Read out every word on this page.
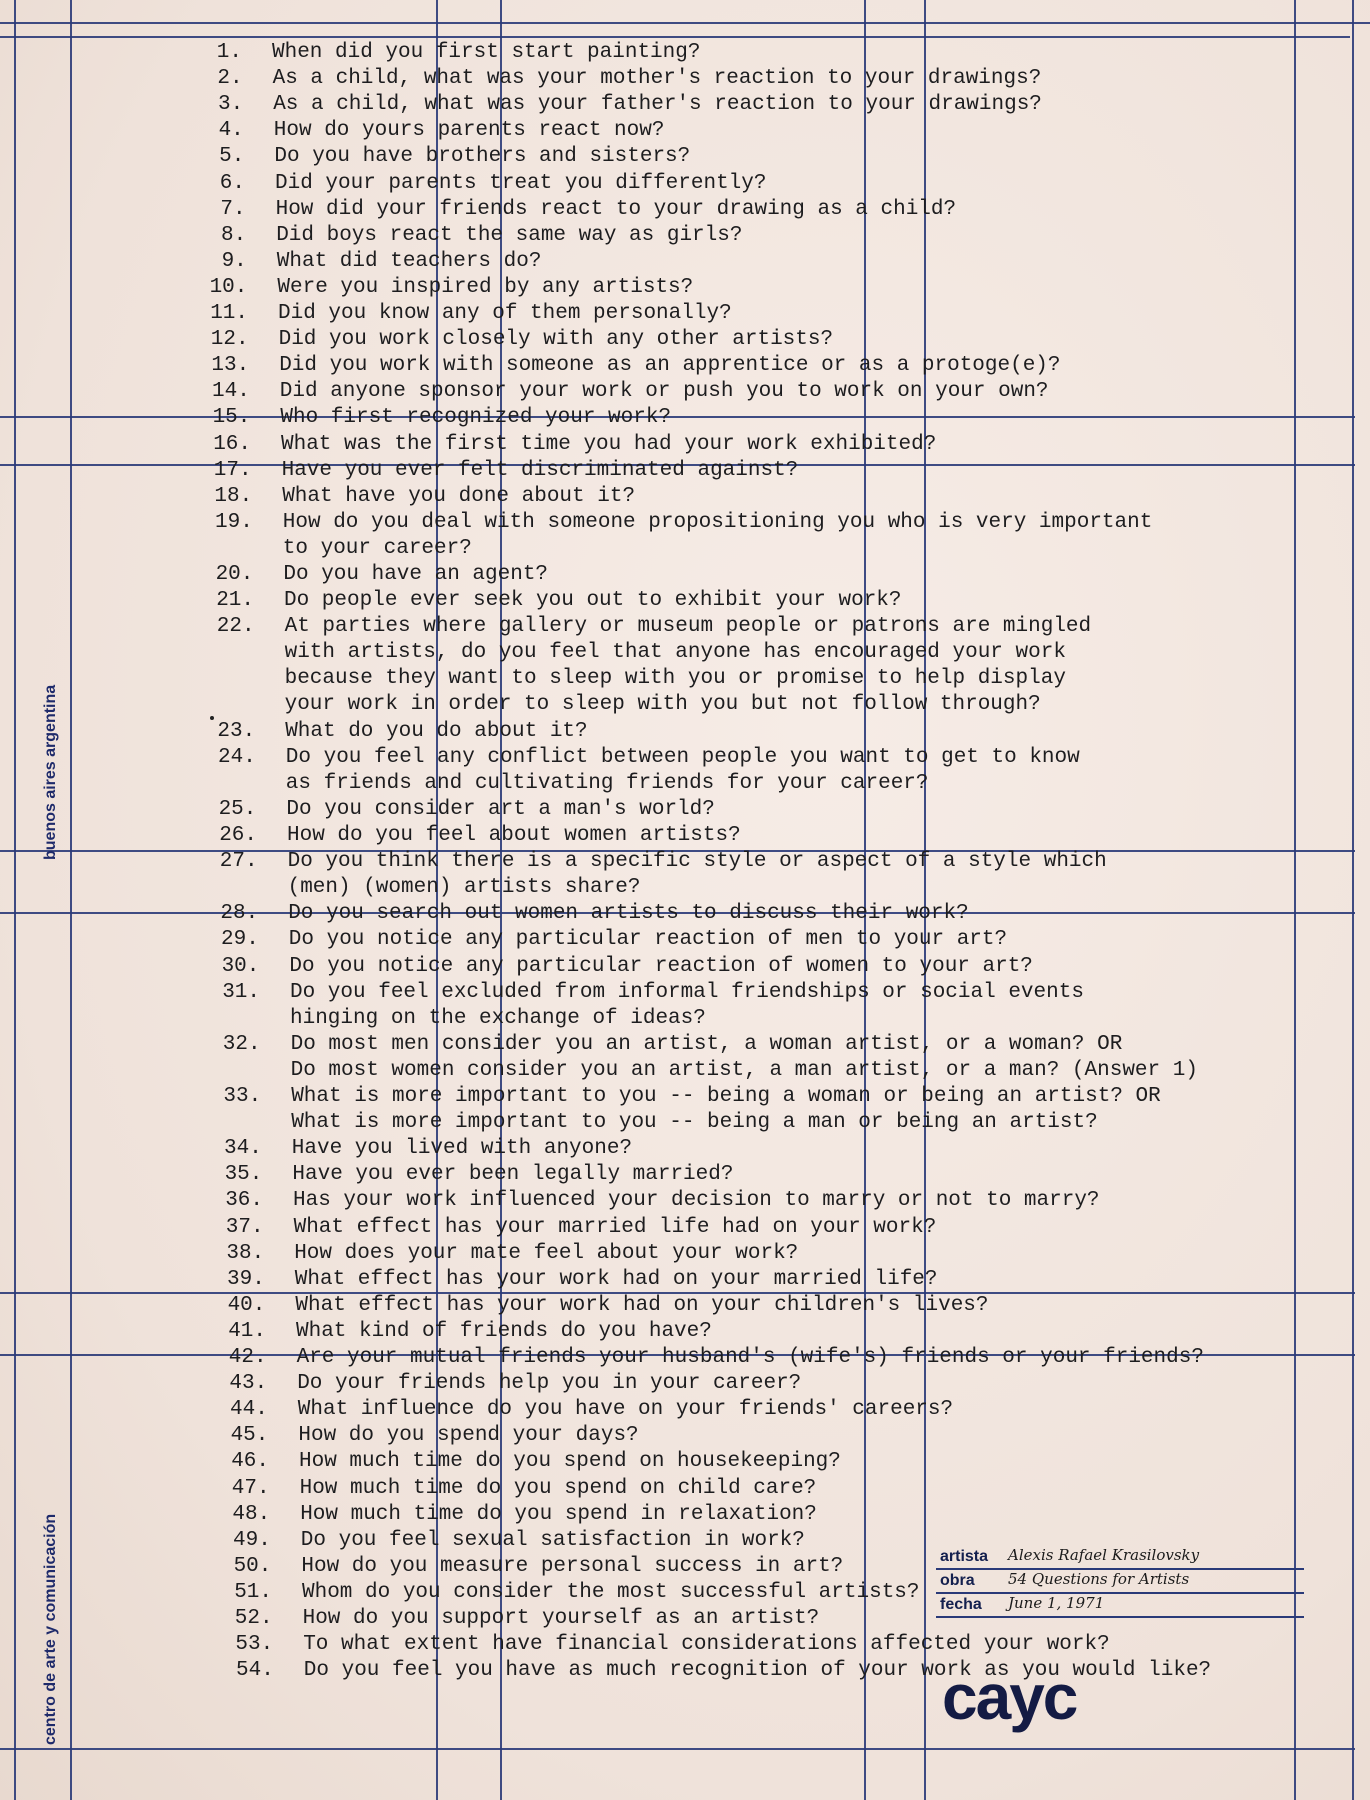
buenos aires argentina
centro de arte y comunicación
1. When did you first start painting?
2. As a child, what was your mother's reaction to your drawings?
3. As a child, what was your father's reaction to your drawings?
4. How do yours parents react now?
5. Do you have brothers and sisters?
6. Did your parents treat you differently?
7. How did your friends react to your drawing as a child?
8. Did boys react the same way as girls?
9. What did teachers do?
10. Were you inspired by any artists?
11. Did you know any of them personally?
12. Did you work closely with any other artists?
13. Did you work with someone as an apprentice or as a protoge(e)?
14. Did anyone sponsor your work or push you to work on your own?
15. Who first recognized your work?
16. What was the first time you had your work exhibited?
17. Have you ever felt discriminated against?
18. What have you done about it?
19. How do you deal with someone propositioning you who is very important
to your career?
20. Do you have an agent?
21. Do people ever seek you out to exhibit your work?
22. At parties where gallery or museum people or patrons are mingled
with artists, do you feel that anyone has encouraged your work
because they want to sleep with you or promise to help display
your work in order to sleep with you but not follow through?
23. What do you do about it?
24. Do you feel any conflict between people you want to get to know
as friends and cultivating friends for your career?
25. Do you consider art a man's world?
26. How do you feel about women artists?
27. Do you think there is a specific style or aspect of a style which
(men) (women) artists share?
28. Do you search out women artists to discuss their work?
29. Do you notice any particular reaction of men to your art?
30. Do you notice any particular reaction of women to your art?
31. Do you feel excluded from informal friendships or social events
hinging on the exchange of ideas?
32. Do most men consider you an artist, a woman artist, or a woman? OR
Do most women consider you an artist, a man artist, or a man? (Answer 1)
33. What is more important to you -- being a woman or being an artist? OR
What is more important to you -- being a man or being an artist?
34. Have you lived with anyone?
35. Have you ever been legally married?
36. Has your work influenced your decision to marry or not to marry?
37. What effect has your married life had on your work?
38. How does your mate feel about your work?
39. What effect has your work had on your married life?
40. What effect has your work had on your children's lives?
41. What kind of friends do you have?
42. Are your mutual friends your husband's (wife's) friends or your friends?
43. Do your friends help you in your career?
44. What influence do you have on your friends' careers?
45. How do you spend your days?
46. How much time do you spend on housekeeping?
47. How much time do you spend on child care?
48. How much time do you spend in relaxation?
49. Do you feel sexual satisfaction in work?
50. How do you measure personal success in art?
51. Whom do you consider the most successful artists?
52. How do you support yourself as an artist?
53. To what extent have financial considerations affected your work?
54. Do you feel you have as much recognition of your work as you would like?
artista Alexis Rafael Krasilovsky
obra 54 Questions for Artists
fecha June 1, 1971
cayc
